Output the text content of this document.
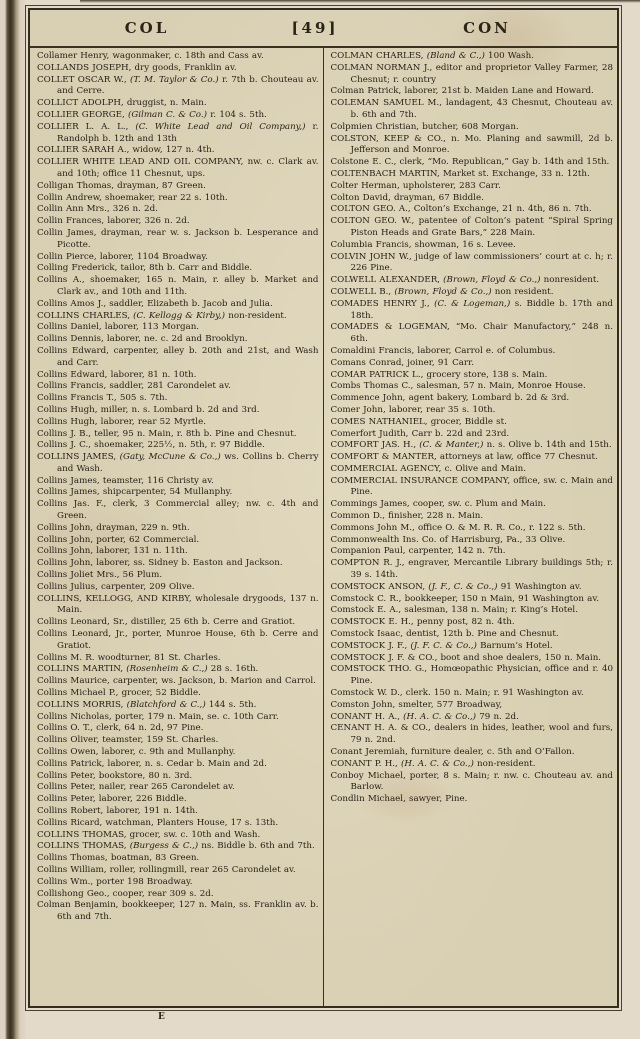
COL	[49]	CON

Collamer Henry, wagonmaker, c. 18th and Cass av.

COLLANDS JOSEPH, dry goods, Franklin av.

COLLET OSCAR W., (T. M. Taylor & Co.) r. 7th b. Chouteau av. and Cerre.

COLLICT ADOLPH, druggist, n. Main.

COLLIER GEORGE, (Gilman C. & Co.) r. 104 s. 5th.

COLLIER L. A. L., (C. White Lead and Oil Company,) r. Randolph b. 12th and 13th

COLLIER SARAH A., widow, 127 n. 4th.

COLLIER WHITE LEAD AND OIL COMPANY, nw. c. Clark av. and 10th; office 11 Chesnut, ups.

Colligan Thomas, drayman, 87 Green.

Collin Andrew, shoemaker, rear 22 s. 10th.

Collin Ann Mrs., 326 n. 2d.

Collin Frances, laborer, 326 n. 2d.

Collin James, drayman, rear w. s. Jackson b. Lesperance and Picotte.

Collin Pierce, laborer, 1104 Broadway.

Colling Frederick, tailor, 8th b. Carr and Biddle.

Collins A., shoemaker, 165 n. Main, r. alley b. Market and Clark av., and 10th and 11th.

Collins Amos J., saddler, Elizabeth b. Jacob and Julia.

COLLINS CHARLES, (C. Kellogg & Kirby,) non-resident.

Collins Daniel, laborer, 113 Morgan.

Collins Dennis, laborer, ne. c. 2d and Brooklyn.

Collins Edward, carpenter, alley b. 20th and 21st, and Wash and Carr.

Collins Edward, laborer, 81 n. 10th.

Collins Francis, saddler, 281 Carondelet av.

Collins Francis T., 505 s. 7th.

Collins Hugh, miller, n. s. Lombard b. 2d and 3rd.

Collins Hugh, laborer, rear 52 Myrtle.

Collins J. B., teller, 95 n. Main, r. 8th b. Pine and Chesnut.

Collins J. C., shoemaker, 225½, n. 5th, r. 97 Biddle.

COLLINS JAMES, (Gaty, McCune & Co.,) ws. Collins b. Cherry and Wash.

Collins James, teamster, 116 Christy av.

Collins James, shipcarpenter, 54 Mullanphy.

Collins Jas. F., clerk, 3 Commercial alley; nw. c. 4th and Green.

Collins John, drayman, 229 n. 9th.

Collins John, porter, 62 Commercial.

Collins John, laborer, 131 n. 11th.

Collins John, laborer, ss. Sidney b. Easton and Jackson.

Collins Joliet Mrs., 56 Plum.

Collins Julius, carpenter, 209 Olive.

COLLINS, KELLOGG, AND KIRBY, wholesale drygoods, 137 n. Main.

Collins Leonard, Sr., distiller, 25 6th b. Cerre and Gratiot.

Collins Leonard, Jr., porter, Munroe House, 6th b. Cerre and Gratiot.

Collins M. R. woodturner, 81 St. Charles.

COLLINS MARTIN, (Rosenheim & C.,) 28 s. 16th.

Collins Maurice, carpenter, ws. Jackson, b. Marion and Carrol.

Collins Michael P., grocer, 52 Biddle.

COLLINS MORRIS, (Blatchford & C.,) 144 s. 5th.

Collins Nicholas, porter, 179 n. Main, se. c. 10th Carr.

Collins O. T., clerk, 64 n. 2d, 97 Pine.

Collins Oliver, teamster, 159 St. Charles.

Collins Owen, laborer, c. 9th and Mullanphy.

Collins Patrick, laborer, n. s. Cedar b. Main and 2d.

Collins Peter, bookstore, 80 n. 3rd.

Collins Peter, nailer, rear 265 Carondelet av.

Collins Peter, laborer, 226 Biddle.

Collins Robert, laborer, 191 n. 14th.

Collins Ricard, watchman, Planters House, 17 s. 13th.

COLLINS THOMAS, grocer, sw. c. 10th and Wash.

COLLINS THOMAS, (Burgess & C.,) ns. Biddle b. 6th and 7th.

Collins Thomas, boatman, 83 Green.

Collins William, roller, rollingmill, rear 265 Carondelet av.

Collins Wm., porter 198 Broadway.

Collishong Geo., cooper, rear 309 s. 2d.

Colman Benjamin, bookkeeper, 127 n. Main, ss. Franklin av. b. 6th and 7th.

COLMAN CHARLES, (Bland & C.,) 100 Wash.

COLMAN NORMAN J., editor and proprietor Valley Farmer, 28 Chesnut; r. country

Colman Patrick, laborer, 21st b. Maiden Lane and Howard.

COLEMAN SAMUEL M., landagent, 43 Chesnut, Chouteau av. b. 6th and 7th.

Colpmien Christian, butcher, 608 Morgan.

COLSTON, KEEP & CO., n. Mo. Planing and sawmill, 2d b. Jefferson and Monroe.

Colstone E. C., clerk, “Mo. Republican,” Gay b. 14th and 15th.

COLTENBACH MARTIN, Market st. Exchange, 33 n. 12th.

Colter Herman, upholsterer, 283 Carr.

Colton David, drayman, 67 Biddle.

COLTON GEO. A., Colton’s Exchange, 21 n. 4th, 86 n. 7th.

COLTON GEO. W., patentee of Colton’s patent “Spiral Spring Piston Heads and Grate Bars,” 228 Main.

Columbia Francis, showman, 16 s. Levee.

COLVIN JOHN W., judge of law commissioners’ court at c. h; r. 226 Pine.

COLWELL ALEXANDER, (Brown, Floyd & Co.,) nonresident.

COLWELL B., (Brown, Floyd & Co.,) non resident.

COMADES HENRY J., (C. & Logeman,) s. Biddle b. 17th and 18th.

COMADES & LOGEMAN, “Mo. Chair Manufactory,” 248 n. 6th.

Comaldini Francis, laborer, Carrol e. of Columbus.

Comans Conrad, joiner, 91 Carr.

COMAR PATRICK L., grocery store, 138 s. Main.

Combs Thomas C., salesman, 57 n. Main, Monroe House.

Commence John, agent bakery, Lombard b. 2d & 3rd.

Comer John, laborer, rear 35 s. 10th.

COMES NATHANIEL, grocer, Biddle st.

Comerfort Judith, Carr b. 22d and 23rd.

COMFORT JAS. H., (C. & Manter,) n. s. Olive b. 14th and 15th.

COMFORT & MANTER, attorneys at law, office 77 Chesnut.

COMMERCIAL AGENCY, c. Olive and Main.

COMMERCIAL INSURANCE COMPANY, office, sw. c. Main and Pine.

Commings James, cooper, sw. c. Plum and Main.

Common D., finisher, 228 n. Main.

Commons John M., office O. & M. R. R. Co., r. 122 s. 5th.

Commonwealth Ins. Co. of Harrisburg, Pa., 33 Olive.

Companion Paul, carpenter, 142 n. 7th.

COMPTON R. J., engraver, Mercantile Library buildings 5th; r. 39 s. 14th.

COMSTOCK ANSON, (J. F., C. & Co.,) 91 Washington av.

Comstock C. R., bookkeeper, 150 n Main, 91 Washington av.

Comstock E. A., salesman, 138 n. Main; r. King’s Hotel.

COMSTOCK E. H., penny post, 82 n. 4th.

Comstock Isaac, dentist, 12th b. Pine and Chesnut.

COMSTOCK J. F., (J. F. C. & Co.,) Barnum’s Hotel.

COMSTOCK J. F. & CO., boot and shoe dealers, 150 n. Main.

COMSTOCK THO. G., Homœopathic Physician, office and r. 40 Pine.

Comstock W. D., clerk. 150 n. Main; r. 91 Washington av.

Comston John, smelter, 577 Broadway,

CONANT H. A., (H. A. C. & Co.,) 79 n. 2d.

CENANT H. A. & CO., dealers in hides, leather, wool and furs, 79 n. 2nd.

Conant Jeremiah, furniture dealer, c. 5th and O’Fallon.

CONANT P. H., (H. A. C. & Co.,) non-resident.

Conboy Michael, porter, 8 s. Main; r. nw. c. Chouteau av. and Barlow.

Condlin Michael, sawyer, Pine.

E
